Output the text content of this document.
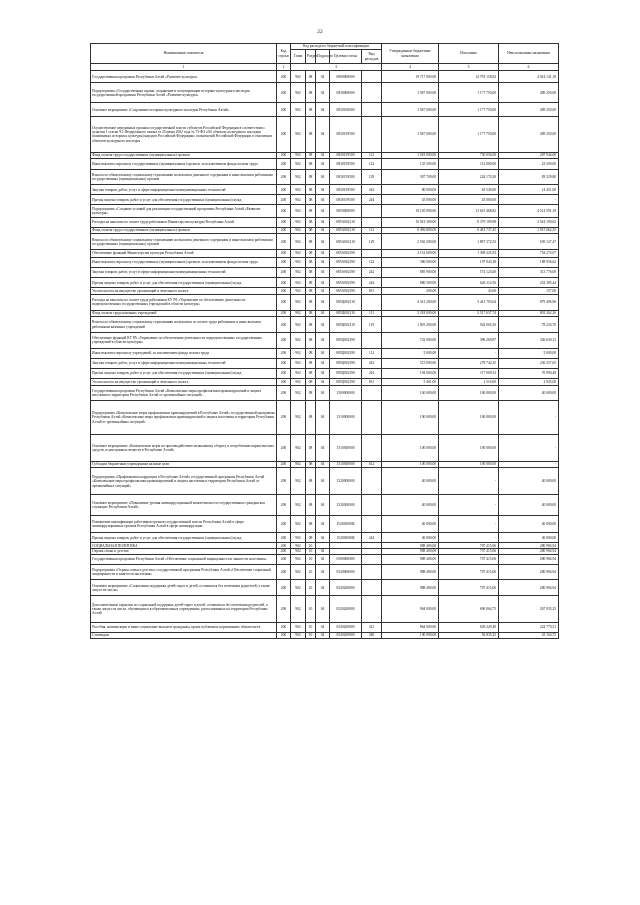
22
Наименование показателя	Код строки	Код расхода по бюджетной классификации					Утвержденные бюджетные назначения	Исполнено	Неисполненные назначения
		Глава	Раздел	Подраздел	Целевая статья	Вид расходов			
1	2	3					4	5	6
Государственная программа Республики Алтай «Развитие культуры»	200	902	08	04	0800000000		19 717 000,00	14 793 158,82	4 924 141,18
Подпрограмма «Государственная охрана, сохранение и популяризация историко-культурного наследия государственной программы Республики Алтай «Развитие культуры»	200	902	08	04	0830000000		1 587 000,00	1 177 750,00	409 250,00
Основное мероприятие «Сохранение историко-культурного наследия Республики Алтай»	200	902	08	04	0830100000		1 587 000,00	1 177 750,00	409 250,00
Осуществление переданных органам государственной власти субъектов Российской Федерации в соответствии с пунктом 1 статьи 9.1 Федерального закона от 25 июня 2002 года № 73-ФЗ «Об объектах культурного наследия (памятниках истории и культуры) народов Российской Федерации» полномочий Российской Федерации в отношении объектов культурного наследия	200	902	08	04	0830159500		1 587 000,00	1 177 750,00	409 250,00
Фонд оплаты труда государственных (муниципальных) органов	200	902	08	04	0830159500	121	1 018 000,00	730 056,00	287 944,00
Иные выплаты персоналу государственных (муниципальных) органов, за исключением фонда оплаты труда	200	902	08	04	0830159500	122	135 500,00	112 000,00	23 500,00
Взносы по обязательному социальному страхованию на выплаты денежного содержания и иные выплаты работникам государственных (муниципальных) органов	200	902	08	04	0830159500	129	307 700,00	224 170,20	83 529,80
Закупка товаров, работ, услуг в сфере информационно-коммуникационных технологий	200	902	08	04	0830159500	242	80 000,00	65 549,00	14 451,00
Прочая закупка товаров, работ и услуг для обеспечения государственных (муниципальных) нужд	200	902	08	04	0830159500	244	45 000,00	45 000,00	-
Подпрограмма «Создание условий для реализации государственной программы Республики Алтай «Развитие культуры»	200	902	08	04	0850000000		18 130 000,00	13 615 408,82	4 514 591,18
Расходы на выплаты по оплате труда работников Министерства культуры Республики Алтай	200	902	08	04	085А002110		10 923 300,00	8 379 109,98	2 544 190,02
Фонд оплаты труда государственных (муниципальных) органов	200	902	08	04	085А002110	121	8 396 800,00	6 481 737,45	1 915 062,55
Взносы по обязательному социальному страхованию на выплаты денежного содержания и иные выплаты работникам государственных (муниципальных) органов	200	902	08	04	085А002110	129	2 536 500,00	1 897 372,53	639 127,47
Обеспечение функций Министерства культуры Республики Алтай	200	902	08	04	085А002190		2 152 600,00	1 398 325,93	754 274,07
Иные выплаты персоналу государственных (муниципальных) органов, за исключением фонда оплаты труда	200	902	08	04	085А002190	122	386 000,00	197 043,38	188 956,62
Закупка товаров, работ, услуг в сфере информационно-коммуникационных технологий	200	902	08	04	085А002190	242	885 900,00	572 123,00	313 776,00
Прочая закупка товаров, работ и услуг для обеспечения государственных (муниципальных) нужд	200	902	08	04	085А002190	244	880 500,00	626 114,56	254 385,44
Уплата налога на имущество организаций и земельного налога	200	902	08	04	085А002190	851	200,00	43,00	157,00
Расходы на выплаты по оплате труда работников КУ РА «Управление по обеспечению деятельности подведомственных государственных учреждений в области культуры»	200	902	08	04	085Ц002110		4 321 200,00	3 441 703,04	879 496,96
Фонд оплаты труда казенных учреждений	200	902	08	04	085Ц002110	111	3 318 000,00	2 517 637,74	801 262,26
Взносы по обязательному социальному страхованию на выплаты по оплате труда работников и иные выплаты работникам казенных учреждений	200	902	08	04	085Ц002110	119	1 003 200,00	924 065,30	78 234,70
Обеспечение функций КУ РА «Управление по обеспечению деятельности подведомственных государственных учреждений в области культуры»	200	902	08	04	085Ц002190		732 900,00	396 269,87	336 630,13
Иные выплаты персоналу учреждений, за исключением фонда оплаты труда	200	902	08	04	085Ц002190	112	5 000,00	-	5 000,00
Закупка товаров, работ, услуг в сфере информационно-коммуникационных технологий	200	902	08	04	085Ц002190	242	515 000,00	278 742,35	236 257,65
Прочая закупка товаров, работ и услуг для обеспечения государственных (муниципальных) нужд	200	902	08	04	085Ц002190	244	194 000,00	117 009,52	76 990,48
Уплата налога на имущество организаций и земельного налога	200	902	08	04	085Ц002190	851	5 461,00	2 516,00	2 945,00
Государственная программа Республики Алтай «Комплексные меры профилактики правонарушений и защита населения и территории Республики Алтай от чрезвычайных ситуаций»	200	902	08	04	1500000000		140 000,00	100 000,00	40 000,00
Подпрограмма «Комплексные меры профилактики правонарушений в Республике Алтай» государственной программы Республики Алтай «Комплексные меры профилактики правонарушений и защита населения и территории Республики Алтай от чрезвычайных ситуаций»	200	902	08	04	1510000000		100 000,00	100 000,00	-
Основное мероприятие «Комплексные меры по противодействию незаконному обороту и потреблению наркотических средств, психотропных веществ в Республике Алтай»	200	902	08	04	1510300000		100 000,00	100 000,00	-
Субсидии бюджетным учреждениям на иные цели	200	902	08	04	1510300000	612	100 000,00	100 000,00	-
Подпрограмма «Профилактика коррупции в Республике Алтай» государственной программы Республики Алтай «Комплексные меры профилактики правонарушений и защита населения и территории Республики Алтай от чрезвычайных ситуаций»	200	902	08	04	1520000000		40 000,00	-	40 000,00
Основное мероприятие «Повышение уровня антикоррупционной компетентности государственных гражданских служащих Республики Алтай»	200	902	08	04	1520300000		40 000,00	-	40 000,00
Повышение квалификации работников органов государственной власти Республики Алтай в сфере антикоррупционных органов Республики Алтай в сфере антикоррупции	200	902	08	04	152030000Б		40 000,00	-	40 000,00
Прочая закупка товаров, работ и услуг для обеспечения государственных (муниципальных) нужд	200	902	08	04	152030000Б	244	40 000,00	-	40 000,00
СОЦИАЛЬНАЯ ПОЛИТИКА	200	902	10				988 400,00	707 415,06	280 984,94
Охрана семьи и детства	200	902	10	04			988 400,00	707 415,06	280 984,94
Государственная программа Республики Алтай «Обеспечение социальной защищенности и занятости населения»	200	902	10	04	0500000000		988 400,00	707 415,06	280 984,94
Подпрограмма «Охрана семьи и детства» государственной программы Республики Алтай «Обеспечение социальной защищенности и занятости населения»	200	902	10	04	0520000000		988 400,00	707 415,06	280 984,94
Основное мероприятие «Социальная поддержка детей-сирот и детей, оставшихся без попечения родителей, а также лиц из их числа»	200	902	10	04	0520200000		988 400,00	707 415,06	280 984,94
Дополнительные гарантии по социальной поддержке детей-сирот и детей, оставшихся без попечения родителей, а также лиц из их числа, обучающихся в образовательных учреждениях, расположенных на территории Республики Алтай	200	902	10	04	0520200000		964 000,00	696 064,75	267 935,25
Пособия, компенсации и иные социальные выплаты гражданам, кроме публичных нормативных обязательств	200	902	10	04	0520200000	321	864 000,00	639 229,49	224 770,51
Стипендии	200	902	10	04	0520200000	340	100 000,00	56 835,25	43 164,75
